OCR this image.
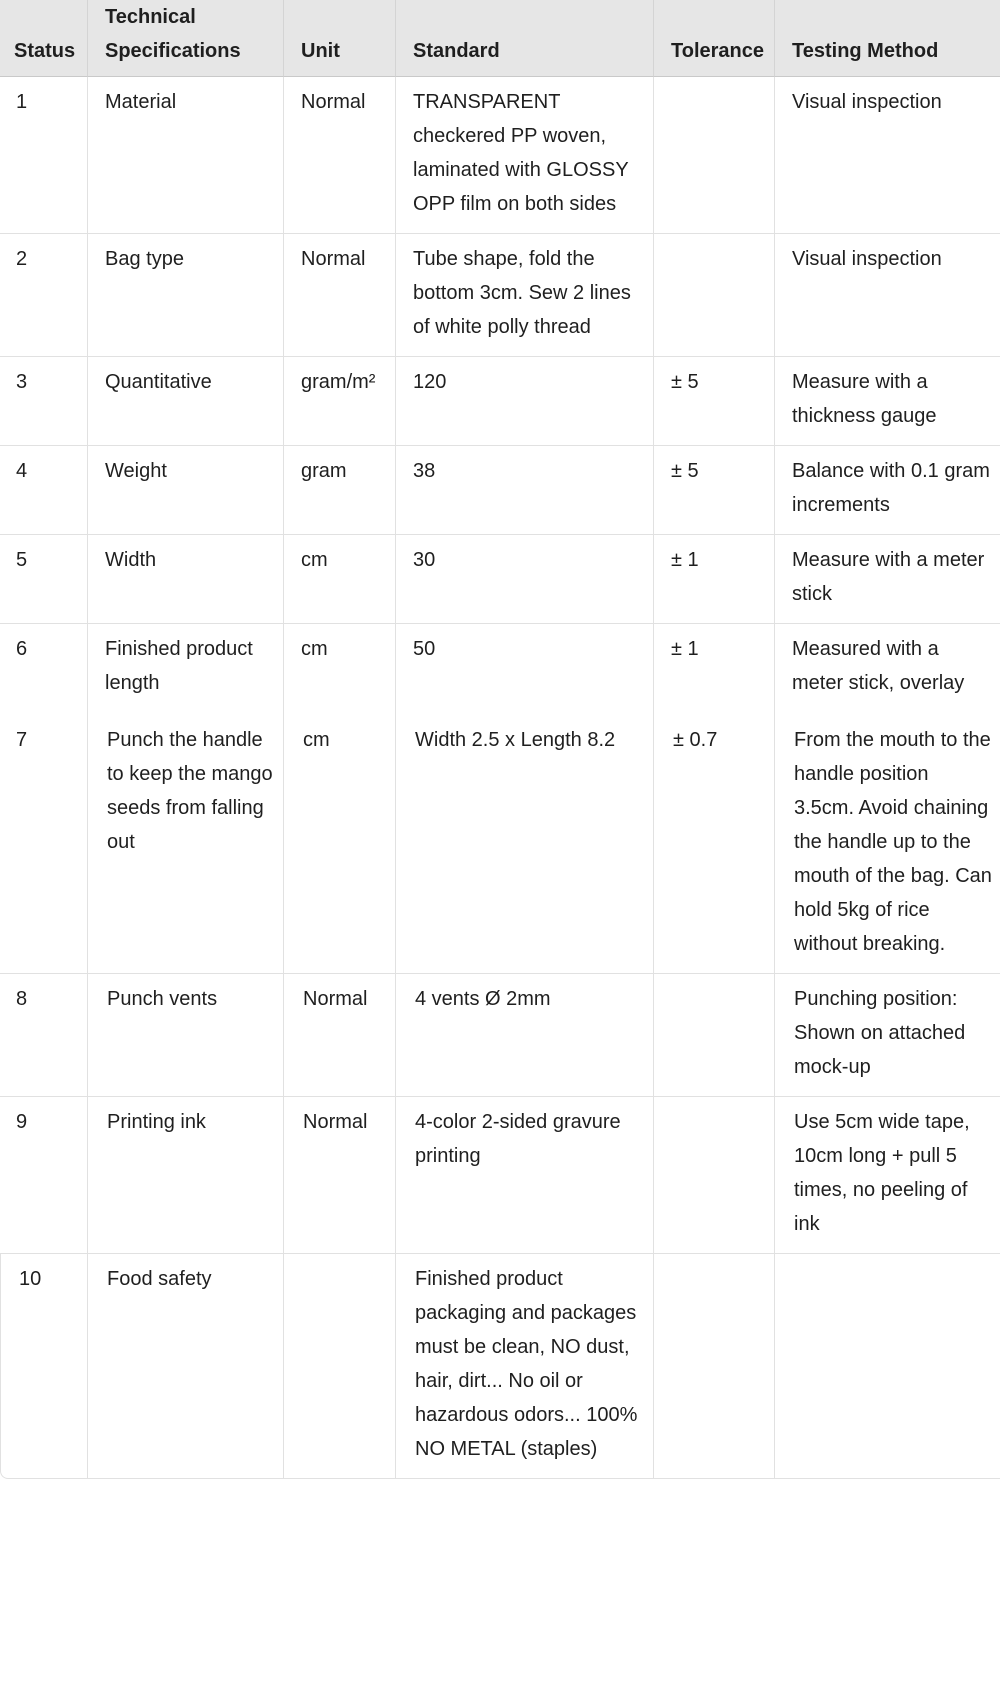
Status	Technical Specifications	Unit	Standard	Tolerance	Testing Method
1	Material	Normal	TRANSPARENT checkered PP woven, laminated with GLOSSY OPP film on both sides		Visual inspection
2	Bag type	Normal	Tube shape, fold the bottom 3cm. Sew 2 lines of white polly thread		Visual inspection
3	Quantitative	gram/m²	120	± 5	Measure with a thickness gauge
4	Weight	gram	38	± 5	Balance with 0.1 gram increments
5	Width	cm	30	± 1	Measure with a meter stick
6	Finished product length	cm	50	± 1	Measured with a meter stick, overlay
7	Punch the handle to keep the mango seeds from falling out	cm	Width 2.5 x Length 8.2	± 0.7	From the mouth to the handle position 3.5cm. Avoid chaining the handle up to the mouth of the bag. Can hold 5kg of rice without breaking.
8	Punch vents	Normal	4 vents Ø 2mm		Punching position: Shown on attached mock-up
9	Printing ink	Normal	4-color 2-sided gravure printing		Use 5cm wide tape, 10cm long + pull 5 times, no peeling of ink
10	Food safety		Finished product packaging and packages must be clean, NO dust, hair, dirt... No oil or hazardous odors... 100% NO METAL (staples)		
